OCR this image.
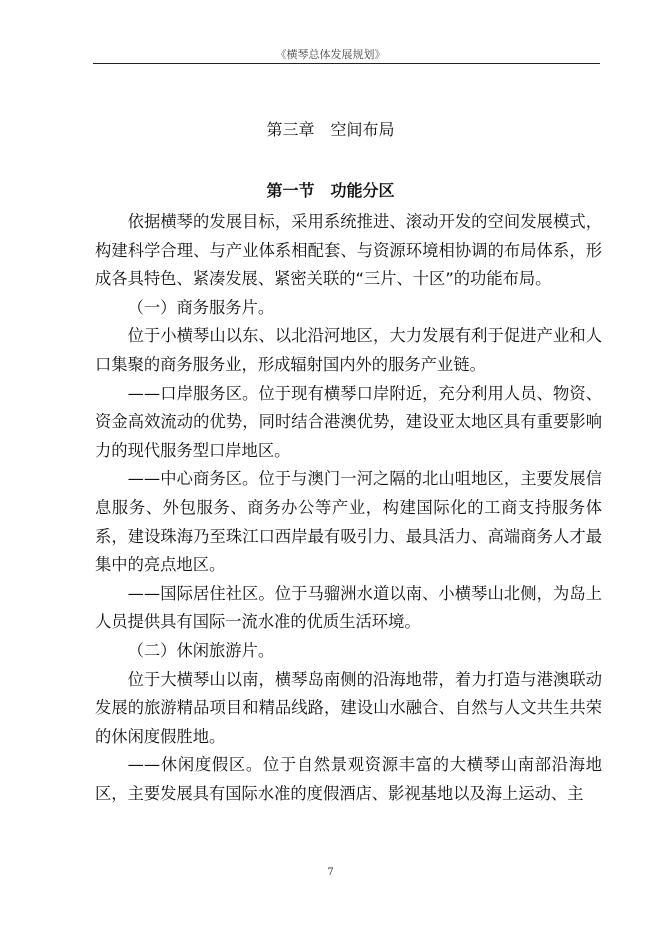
《横琴总体发展规划》
第三章　空间布局
第一节　功能分区

依据横琴的发展目标，采用系统推进、滚动开发的空间发展模式，构建科学合理、与产业体系相配套、与资源环境相协调的布局体系，形成各具特色、紧凑发展、紧密关联的“三片、十区”的功能布局。

（一）商务服务片。

位于小横琴山以东、以北沿河地区，大力发展有利于促进产业和人口集聚的商务服务业，形成辐射国内外的服务产业链。

——口岸服务区。位于现有横琴口岸附近，充分利用人员、物资、资金高效流动的优势，同时结合港澳优势，建设亚太地区具有重要影响力的现代服务型口岸地区。

——中心商务区。位于与澳门一河之隔的北山咀地区，主要发展信息服务、外包服务、商务办公等产业，构建国际化的工商支持服务体系，建设珠海乃至珠江口西岸最有吸引力、最具活力、高端商务人才最集中的亮点地区。

——国际居住社区。位于马骝洲水道以南、小横琴山北侧，为岛上人员提供具有国际一流水准的优质生活环境。

（二）休闲旅游片。

位于大横琴山以南，横琴岛南侧的沿海地带，着力打造与港澳联动发展的旅游精品项目和精品线路，建设山水融合、自然与人文共生共荣的休闲度假胜地。

——休闲度假区。位于自然景观资源丰富的大横琴山南部沿海地区，主要发展具有国际水准的度假酒店、影视基地以及海上运动、主

7
